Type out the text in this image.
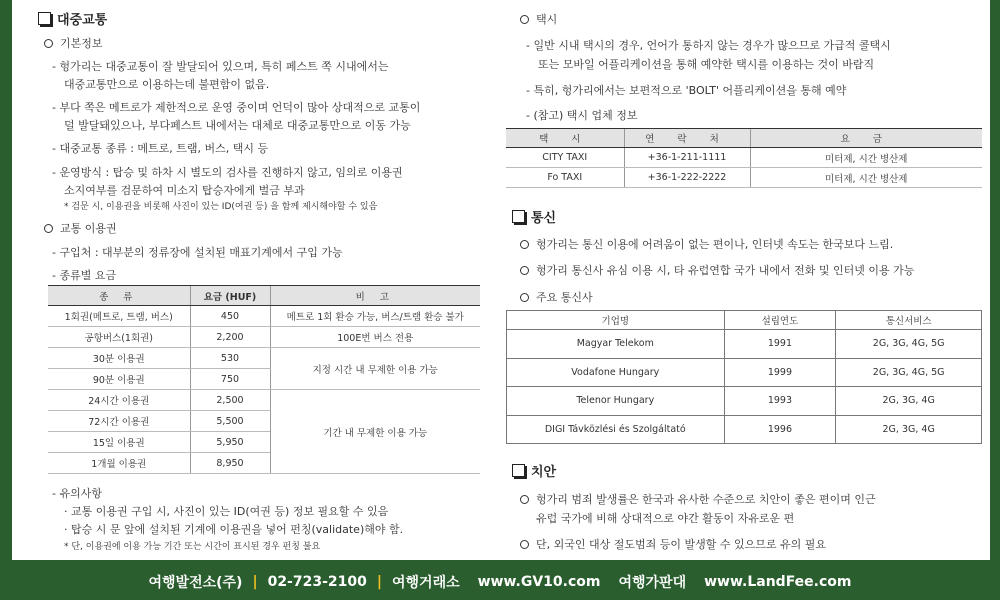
대중교통
기본정보
- 헝가리는 대중교통이 잘 발달되어 있으며, 특히 페스트 쪽 시내에서는
대중교통만으로 이용하는데 불편함이 없음.
- 부다 쪽은 메트로가 제한적으로 운영 중이며 언덕이 많아 상대적으로 교통이
덜 발달돼있으나, 부다페스트 내에서는 대체로 대중교통만으로 이동 가능
- 대중교통 종류 : 메트로, 트램, 버스, 택시 등
- 운영방식 : 탑승 및 하차 시 별도의 검사를 진행하지 않고, 임의로 이용권
소지여부를 검문하여 미소지 탑승자에게 벌금 부과
* 검문 시, 이용권을 비롯해 사진이 있는 ID(여권 등) 을 함께 제시해야할 수 있음
교통 이용권
- 구입처 : 대부분의 정류장에 설치된 매표기계에서 구입 가능
- 종류별 요금
종 류	요금 (HUF)	비 고
1회권(메트로, 트램, 버스)	450	메트로 1회 환승 가능, 버스/트램 환승 불가
공항버스(1회권)	2,200	100E번 버스 전용
30분 이용권	530	지정 시간 내 무제한 이용 가능
90분 이용권	750	
24시간 이용권	2,500	기간 내 무제한 이용 가능
72시간 이용권	5,500	
15일 이용권	5,950	
1개월 이용권	8,950	
- 유의사항
· 교통 이용권 구입 시, 사진이 있는 ID(여권 등) 정보 필요할 수 있음
· 탑승 시 문 앞에 설치된 기계에 이용권을 넣어 펀칭(validate)해야 함.
* 단, 이용권에 이용 가능 기간 또는 시간이 표시된 경우 펀칭 불요
택시
- 일반 시내 택시의 경우, 언어가 통하지 않는 경우가 많으므로 가급적 콜택시
또는 모바일 어플리케이션을 통해 예약한 택시를 이용하는 것이 바람직
- 특히, 헝가리에서는 보편적으로 'BOLT' 어플리케이션을 통해 예약
- (참고) 택시 업체 정보
택 시	연 락 처	요 금
CITY TAXI	+36-1-211-1111	미터제, 시간 병산제
Fo TAXI	+36-1-222-2222	미터제, 시간 병산제
통신
헝가리는 통신 이용에 어려움이 없는 편이나, 인터넷 속도는 한국보다 느림.
헝가리 통신사 유심 이용 시, 타 유럽연합 국가 내에서 전화 및 인터넷 이용 가능
주요 통신사
기업명	설립연도	통신서비스
Magyar Telekom	1991	2G, 3G, 4G, 5G
Vodafone Hungary	1999	2G, 3G, 4G, 5G
Telenor Hungary	1993	2G, 3G, 4G
DIGI Távközlési és Szolgáltató	1996	2G, 3G, 4G
치안
헝가리 범죄 발생률은 한국과 유사한 수준으로 치안이 좋은 편이며 인근
유럽 국가에 비해 상대적으로 야간 활동이 자유로운 편
단, 외국인 대상 절도범죄 등이 발생할 수 있으므로 유의 필요
여행발전소(주) | 02-723-2100 | 여행거래소 www.GV10.com 여행가판대 www.LandFee.com
